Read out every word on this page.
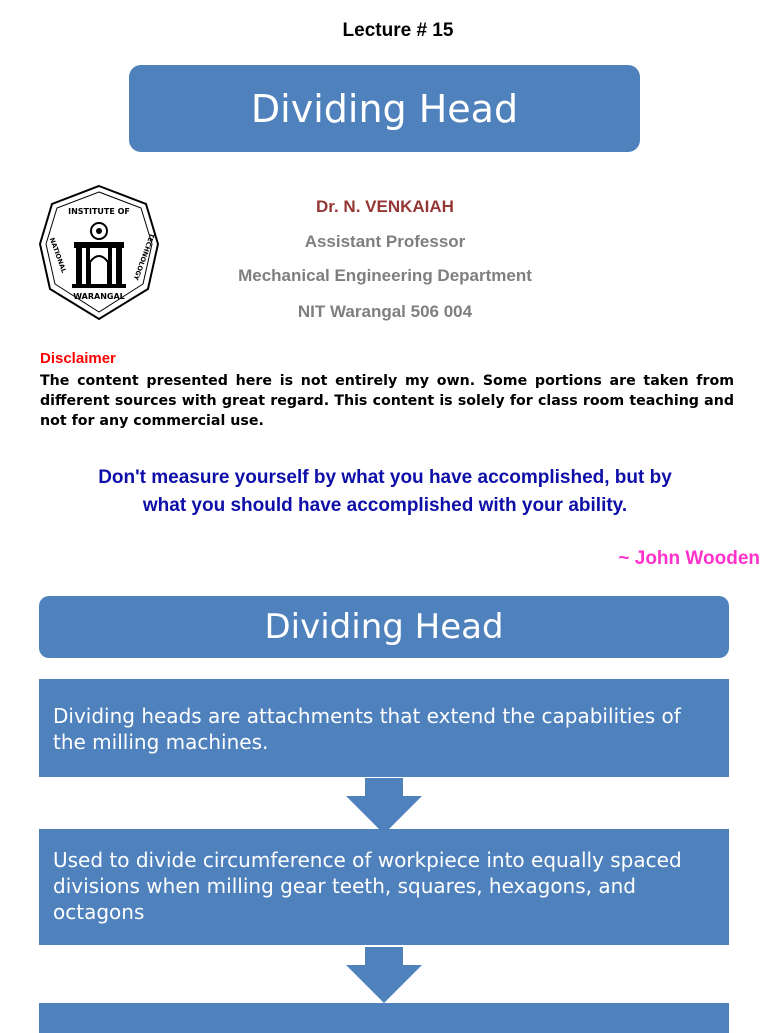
Lecture # 15
Dividing Head
INSTITUTE OF
NATIONAL	TECHNOLOGY
WARANGAL
Dr. N. VENKAIAH
Assistant Professor
Mechanical Engineering Department
NIT Warangal 506 004
Disclaimer
The content presented here is not entirely my own. Some portions are taken from different sources with great regard. This content is solely for class room teaching and not for any commercial use.
Don't measure yourself by what you have accomplished, but by
what you should have accomplished with your ability.
~ John Wooden
Dividing Head
Dividing heads are attachments that extend the capabilities of the milling machines.
Used to divide circumference of workpiece into equally spaced divisions when milling gear teeth, squares, hexagons, and octagons
